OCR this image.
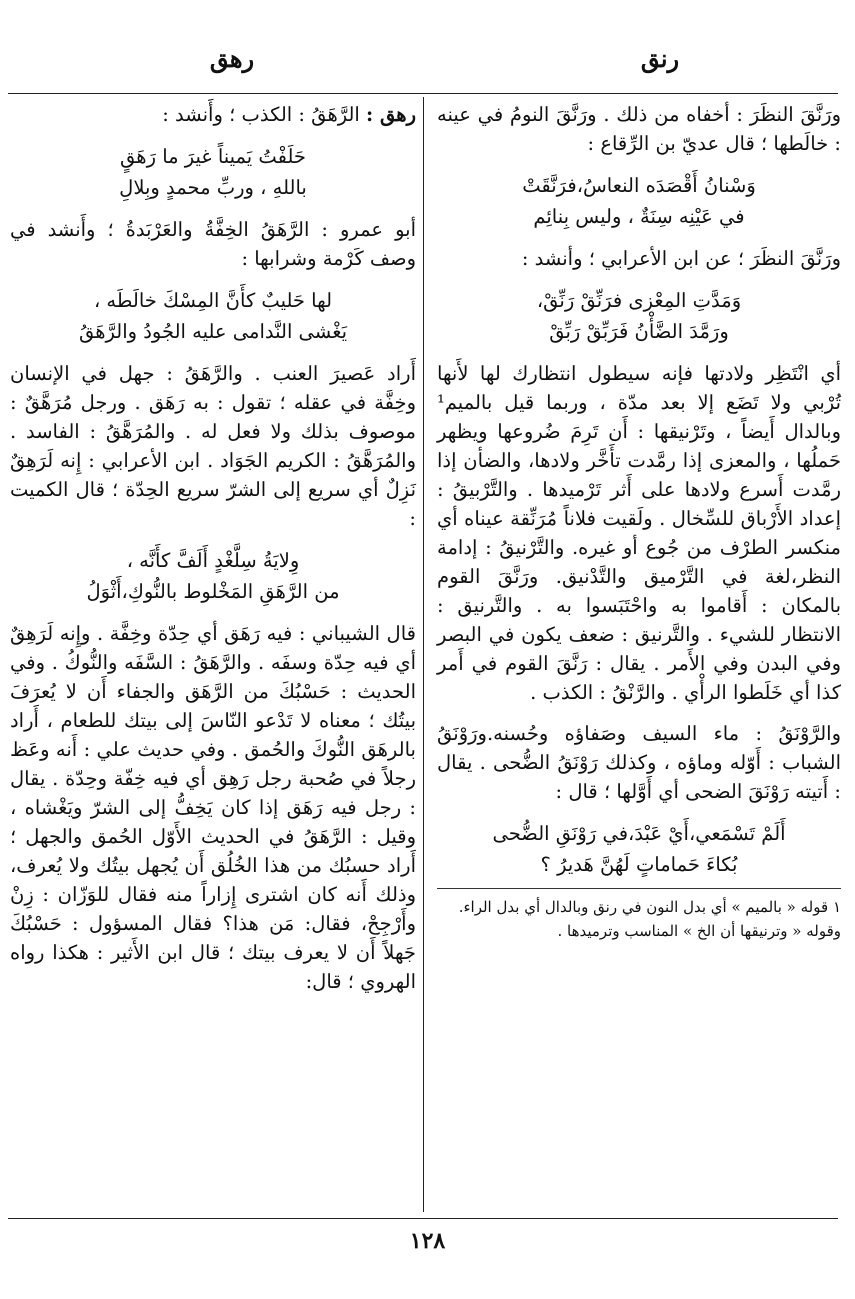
رنق
رهق

ورَنَّقَ النظَرَ : أخفاه من ذلك . ورَنَّقَ النومُ في عينه : خالَطها ؛ قال عديّ بن الرِّقاع :

وَسْنانُ أَقْصَدَه النعاسُ،فرَنَّقَتْ

في عَيْنِه سِنَةٌ ، وليس بِنائِم

ورَنَّقَ النظَرَ ؛ عن ابن الأعرابي ؛ وأنشد :

وَمَدَّتِ المِعْزى فرَنِّقْ رَنِّقْ،

ورَمَّدَ الضَّأْنُ فَرَبِّقْ رَبِّقْ

أي انْتَظِر ولادتها فإنه سيطول انتظارك لها لأَنها تُرْبي ولا تَضَع إلا بعد مدّة ، وربما قيل بالميم¹ وبالدال أَيضاً ، وتَرْنيقها : أَن تَرِمَ ضُروعها ويظهر حَملُها ، والمعزى إذا رمَّدت تأَخَّر ولادها، والضأن إذا رمَّدت أَسرع ولادها على أَثر تَرْميدها . والتَّرْبيقُ : إعداد الأَرْباق للسِّخال . ولَقيت فلاناً مُرَنِّقة عيناه أي منكسر الطرْف من جُوع أو غيره. والتَّرْنيقُ : إدامة النظر،لغة في التَّرْميق والتَّدْنيق. ورَنَّقَ القوم بالمكان : أَقاموا به واحْتَبَسوا به . والتَّرنيق : الانتظار للشيء . والتَّرنيق : ضعف يكون في البصر وفي البدن وفي الأَمر . يقال : رَنَّقَ القوم في أَمر كذا أي خَلَطوا الرأْي . والرَّنْقُ : الكذب .

والرَّوْنَقُ : ماء السيف وصَفاؤه وحُسنه.ورَوْنَقُ الشباب : أَوّله وماؤه ، وكذلك رَوْنَقُ الضُّحى . يقال : أَتيته رَوْنَقَ الضحى أي أَوَّلها ؛ قال :

أَلَمْ تَسْمَعي،أَيْ عَبْدَ،في رَوْنَقِ الضُّحى

بُكاءَ حَماماتٍ لَهُنَّ هَديرُ ؟

١ قوله « بالميم » أي بدل النون في رنق وبالدال أي بدل الراء.

وقوله « وترنيقها أن الخ » المناسب وترميدها .

رهق : الرَّهَقُ : الكذب ؛ وأَنشد :

حَلَفْتُ يَميناً غيرَ ما رَهَقٍ

باللهِ ، وربِّ محمدٍ وبِلالِ

أبو عمرو : الرَّهَقُ الخِفَّةُ والعَرْبَدةُ ؛ وأَنشد في وصف كَرْمة وشرابها :

لها حَليبٌ كأَنَّ المِسْكَ خالَطَه ،

يَغْشى النَّدامى عليه الجُودُ والرَّهَقُ

أَراد عَصيرَ العنب . والرَّهَقُ : جهل في الإنسان وخِفَّة في عقله ؛ تقول : به رَهَق . ورجل مُرَهَّقٌ : موصوف بذلك ولا فعل له . والمُرَهَّقُ : الفاسد . والمُرَهَّقُ : الكريم الجَوَاد . ابن الأعرابي : إِنه لَرَهِقٌ نَزِلٌ أي سريع إلى الشرّ سريع الحِدّة ؛ قال الكميت :

وِلايَةُ سِلَّغْدٍ أَلَفَّ كأَنَّه ،

من الرَّهَقِ المَخْلوط بالنُّوكِ،أَثْوَلُ

قال الشيباني : فيه رَهَق أي حِدّة وخِفَّة . وإِنه لَرَهِقٌ أي فيه حِدّة وسفَه . والرَّهَقُ : السَّفَه والنُّوكُ . وفي الحديث : حَسْبُكَ من الرَّهَق والجفاء أَن لا يُعرَفَ بيتُك ؛ معناه لا تَدْعو النّاسَ إلى بيتك للطعام ، أَراد بالرهَق النُّوكَ والحُمق . وفي حديث علي : أَنه وعَظ رجلاً في صُحبة رجل رَهِق أي فيه خِفّة وحِدّة . يقال : رجل فيه رَهَق إذا كان يَخِفُّ إلى الشرّ ويَغْشاه ، وقيل : الرَّهَقُ في الحديث الأَوّل الحُمق والجهل ؛ أَراد حسبُك من هذا الخُلُق أَن يُجهل بيتُك ولا يُعرف، وذلك أَنه كان اشترى إِزاراً منه فقال للوَزّان : زِنْ وأَرْجِحْ، فقال: مَن هذا؟ فقال المسؤول : حَسْبُكَ جَهلاً أَن لا يعرف بيتك ؛ قال ابن الأَثير : هكذا رواه الهروي ؛ قال:

١٢٨
